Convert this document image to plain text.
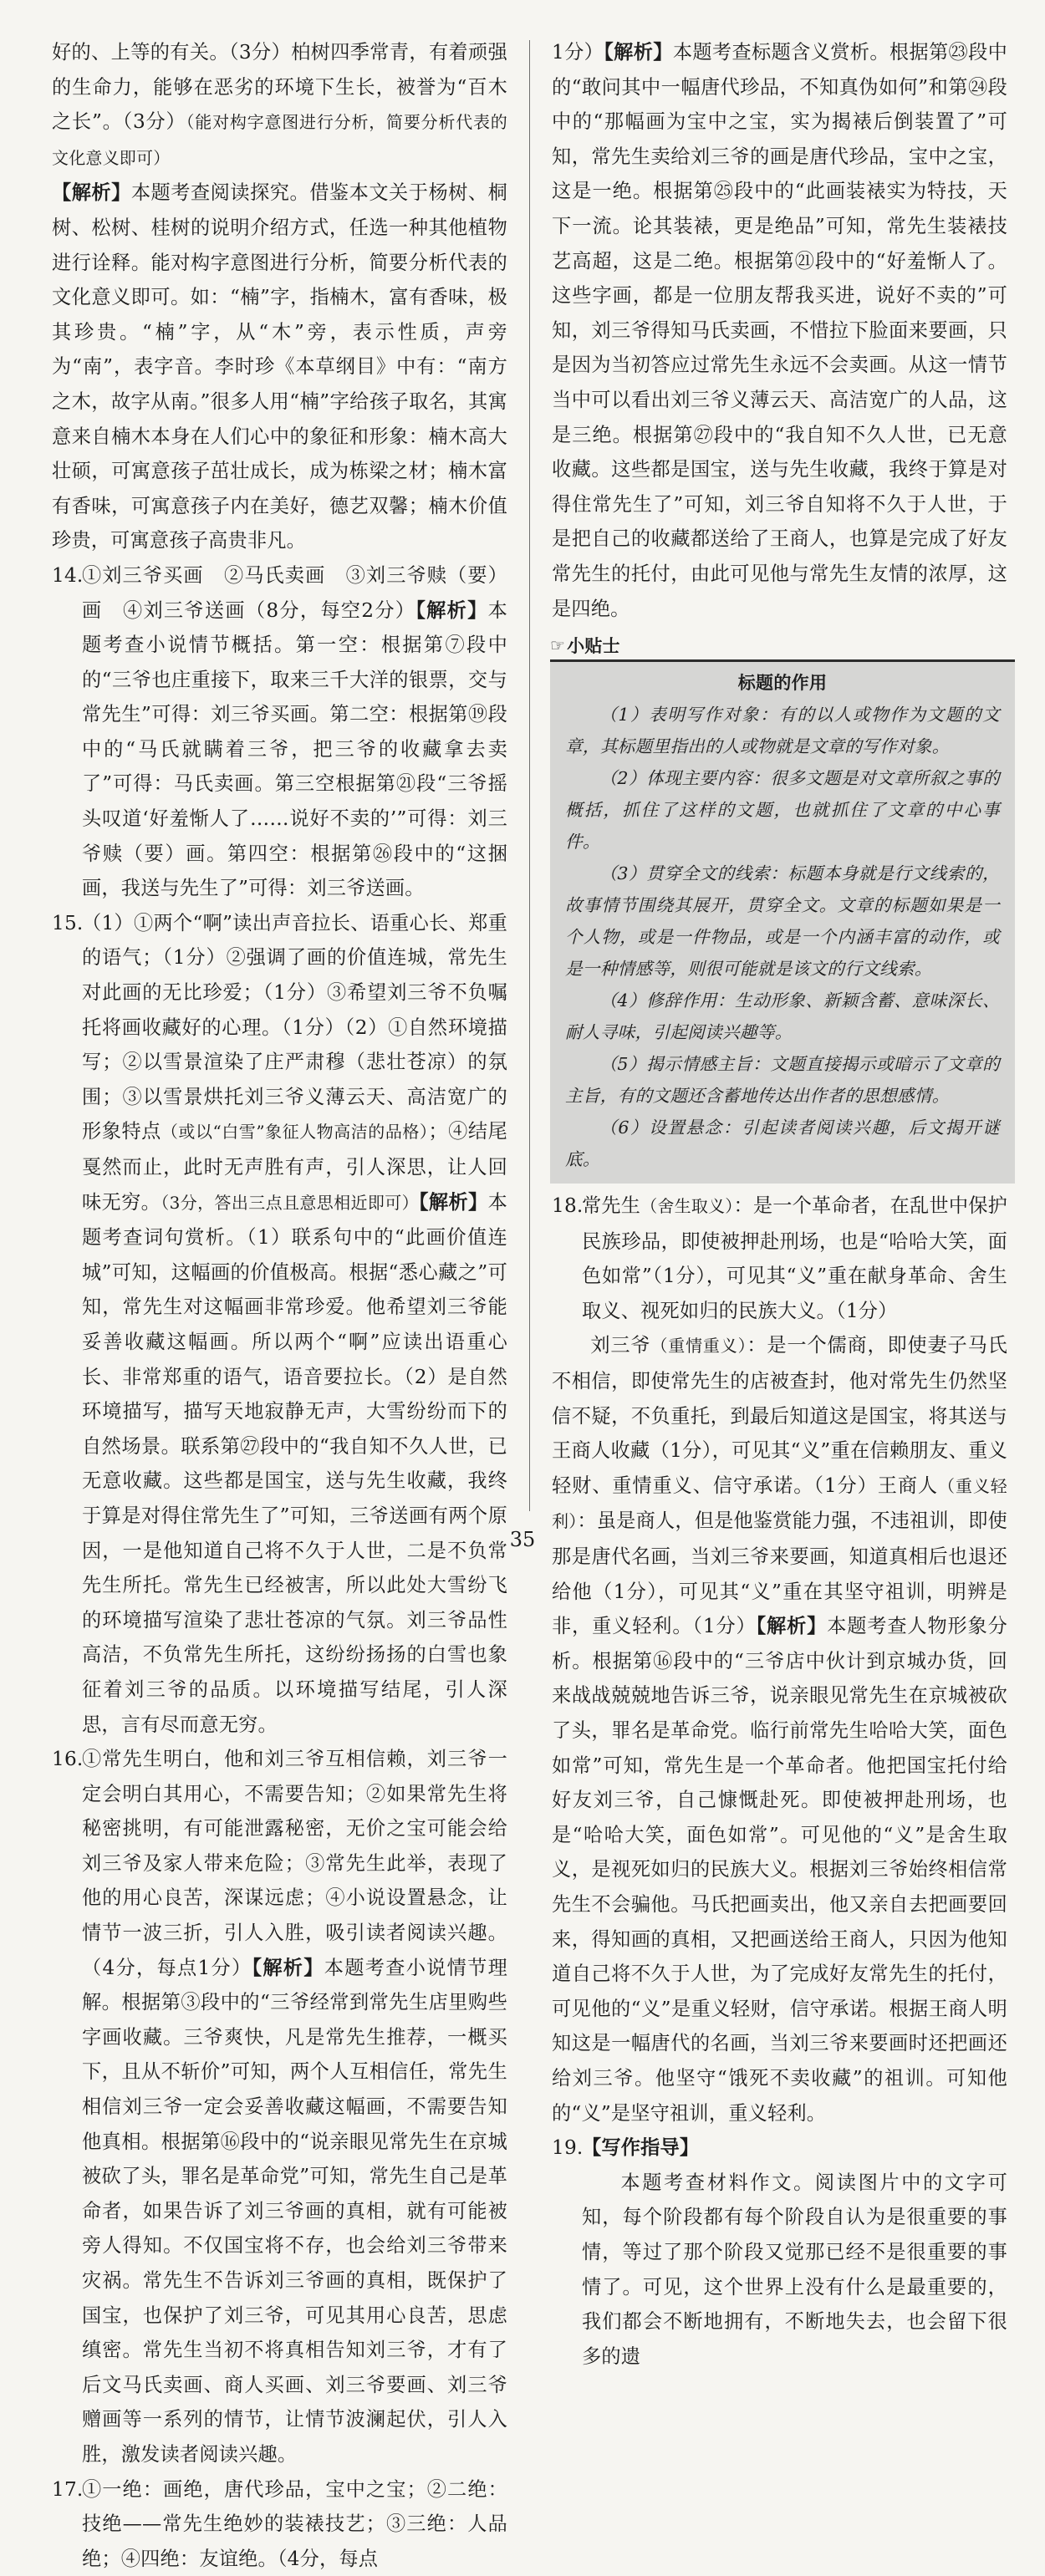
好的、上等的有关。（3分）柏树四季常青，有着顽强的生命力，能够在恶劣的环境下生长，被誉为“百木之长”。（3分）（能对构字意图进行分析，简要分析代表的文化意义即可）

【解析】本题考查阅读探究。借鉴本文关于杨树、桐树、松树、桂树的说明介绍方式，任选一种其他植物进行诠释。能对构字意图进行分析，简要分析代表的文化意义即可。如：“楠”字，指楠木，富有香味，极其珍贵。“楠”字，从“木”旁，表示性质，声旁为“南”，表字音。李时珍《本草纲目》中有：“南方之木，故字从南。”很多人用“楠”字给孩子取名，其寓意来自楠木本身在人们心中的象征和形象：楠木高大壮硕，可寓意孩子茁壮成长，成为栋梁之材；楠木富有香味，可寓意孩子内在美好，德艺双馨；楠木价值珍贵，可寓意孩子高贵非凡。

14.
①刘三爷买画　②马氏卖画　③刘三爷赎（要）画　④刘三爷送画（8分，每空2分）【解析】本题考查小说情节概括。第一空：根据第⑦段中的“三爷也庄重接下，取来三千大洋的银票，交与常先生”可得：刘三爷买画。第二空：根据第⑲段中的“马氏就瞒着三爷，把三爷的收藏拿去卖了”可得：马氏卖画。第三空根据第㉑段“三爷摇头叹道‘好羞惭人了……说好不卖的’”可得：刘三爷赎（要）画。第四空：根据第㉖段中的“这捆画，我送与先生了”可得：刘三爷送画。
15.
（1）①两个“啊”读出声音拉长、语重心长、郑重的语气；（1分）②强调了画的价值连城，常先生对此画的无比珍爱；（1分）③希望刘三爷不负嘱托将画收藏好的心理。（1分）（2）①自然环境描写；②以雪景渲染了庄严肃穆（悲壮苍凉）的氛围；③以雪景烘托刘三爷义薄云天、高洁宽广的形象特点（或以“白雪”象征人物高洁的品格）；④结尾戛然而止，此时无声胜有声，引人深思，让人回味无穷。（3分，答出三点且意思相近即可）【解析】本题考查词句赏析。（1）联系句中的“此画价值连城”可知，这幅画的价值极高。根据“悉心藏之”可知，常先生对这幅画非常珍爱。他希望刘三爷能妥善收藏这幅画。所以两个“啊”应读出语重心长、非常郑重的语气，语音要拉长。（2）是自然环境描写，描写天地寂静无声，大雪纷纷而下的自然场景。联系第㉗段中的“我自知不久人世，已无意收藏。这些都是国宝，送与先生收藏，我终于算是对得住常先生了”可知，三爷送画有两个原因，一是他知道自己将不久于人世，二是不负常先生所托。常先生已经被害，所以此处大雪纷飞的环境描写渲染了悲壮苍凉的气氛。刘三爷品性高洁，不负常先生所托，这纷纷扬扬的白雪也象征着刘三爷的品质。以环境描写结尾，引人深思，言有尽而意无穷。
16.
①常先生明白，他和刘三爷互相信赖，刘三爷一定会明白其用心，不需要告知；②如果常先生将秘密挑明，有可能泄露秘密，无价之宝可能会给刘三爷及家人带来危险；③常先生此举，表现了他的用心良苦，深谋远虑；④小说设置悬念，让情节一波三折，引人入胜，吸引读者阅读兴趣。（4分，每点1分）【解析】本题考查小说情节理解。根据第③段中的“三爷经常到常先生店里购些字画收藏。三爷爽快，凡是常先生推荐，一概买下，且从不斩价”可知，两个人互相信任，常先生相信刘三爷一定会妥善收藏这幅画，不需要告知他真相。根据第⑯段中的“说亲眼见常先生在京城被砍了头，罪名是革命党”可知，常先生自己是革命者，如果告诉了刘三爷画的真相，就有可能被旁人得知。不仅国宝将不存，也会给刘三爷带来灾祸。常先生不告诉刘三爷画的真相，既保护了国宝，也保护了刘三爷，可见其用心良苦，思虑缜密。常先生当初不将真相告知刘三爷，才有了后文马氏卖画、商人买画、刘三爷要画、刘三爷赠画等一系列的情节，让情节波澜起伏，引人入胜，激发读者阅读兴趣。
17.
①一绝：画绝，唐代珍品，宝中之宝；②二绝：技绝——常先生绝妙的装裱技艺；③三绝：人品绝；④四绝：友谊绝。（4分，每点

1分）【解析】本题考查标题含义赏析。根据第㉓段中的“敢问其中一幅唐代珍品，不知真伪如何”和第㉔段中的“那幅画为宝中之宝，实为揭裱后倒装置了”可知，常先生卖给刘三爷的画是唐代珍品，宝中之宝，这是一绝。根据第㉕段中的“此画装裱实为特技，天下一流。论其装裱，更是绝品”可知，常先生装裱技艺高超，这是二绝。根据第㉑段中的“好羞惭人了。这些字画，都是一位朋友帮我买进，说好不卖的”可知，刘三爷得知马氏卖画，不惜拉下脸面来要画，只是因为当初答应过常先生永远不会卖画。从这一情节当中可以看出刘三爷义薄云天、高洁宽广的人品，这是三绝。根据第㉗段中的“我自知不久人世，已无意收藏。这些都是国宝，送与先生收藏，我终于算是对得住常先生了”可知，刘三爷自知将不久于人世，于是把自己的收藏都送给了王商人，也算是完成了好友常先生的托付，由此可见他与常先生友情的浓厚，这是四绝。

☞ 小贴士
标题的作用

（1）表明写作对象：有的以人或物作为文题的文章，其标题里指出的人或物就是文章的写作对象。

（2）体现主要内容：很多文题是对文章所叙之事的概括，抓住了这样的文题，也就抓住了文章的中心事件。

（3）贯穿全文的线索：标题本身就是行文线索的，故事情节围绕其展开，贯穿全文。文章的标题如果是一个人物，或是一件物品，或是一个内涵丰富的动作，或是一种情感等，则很可能就是该文的行文线索。

（4）修辞作用：生动形象、新颖含蓄、意味深长、耐人寻味，引起阅读兴趣等。

（5）揭示情感主旨：文题直接揭示或暗示了文章的主旨，有的文题还含蓄地传达出作者的思想感情。

（6）设置悬念：引起读者阅读兴趣，后文揭开谜底。

18.
常先生（舍生取义）：是一个革命者，在乱世中保护民族珍品，即使被押赴刑场，也是“哈哈大笑，面色如常”（1分），可见其“义”重在献身革命、舍生取义、视死如归的民族大义。（1分）

刘三爷（重情重义）：是一个儒商，即使妻子马氏不相信，即使常先生的店被查封，他对常先生仍然坚信不疑，不负重托，到最后知道这是国宝，将其送与王商人收藏（1分），可见其“义”重在信赖朋友、重义轻财、重情重义、信守承诺。（1分）王商人（重义轻利）：虽是商人，但是他鉴赏能力强，不违祖训，即使那是唐代名画，当刘三爷来要画，知道真相后也退还给他（1分），可见其“义”重在其坚守祖训，明辨是非，重义轻利。（1分）【解析】本题考查人物形象分析。根据第⑯段中的“三爷店中伙计到京城办货，回来战战兢兢地告诉三爷，说亲眼见常先生在京城被砍了头，罪名是革命党。临行前常先生哈哈大笑，面色如常”可知，常先生是一个革命者。他把国宝托付给好友刘三爷，自己慷慨赴死。即使被押赴刑场，也是“哈哈大笑，面色如常”。可见他的“义”是舍生取义，是视死如归的民族大义。根据刘三爷始终相信常先生不会骗他。马氏把画卖出，他又亲自去把画要回来，得知画的真相，又把画送给王商人，只因为他知道自己将不久于人世，为了完成好友常先生的托付，可见他的“义”是重义轻财，信守承诺。根据王商人明知这是一幅唐代的名画，当刘三爷来要画时还把画还给刘三爷。他坚守“饿死不卖收藏”的祖训。可知他的“义”是坚守祖训，重义轻利。

19.
【写作指导】

本题考查材料作文。阅读图片中的文字可知，每个阶段都有每个阶段自认为是很重要的事情，等过了那个阶段又觉那已经不是很重要的事情了。可见，这个世界上没有什么是最重要的，我们都会不断地拥有，不断地失去，也会留下很多的遗

35
